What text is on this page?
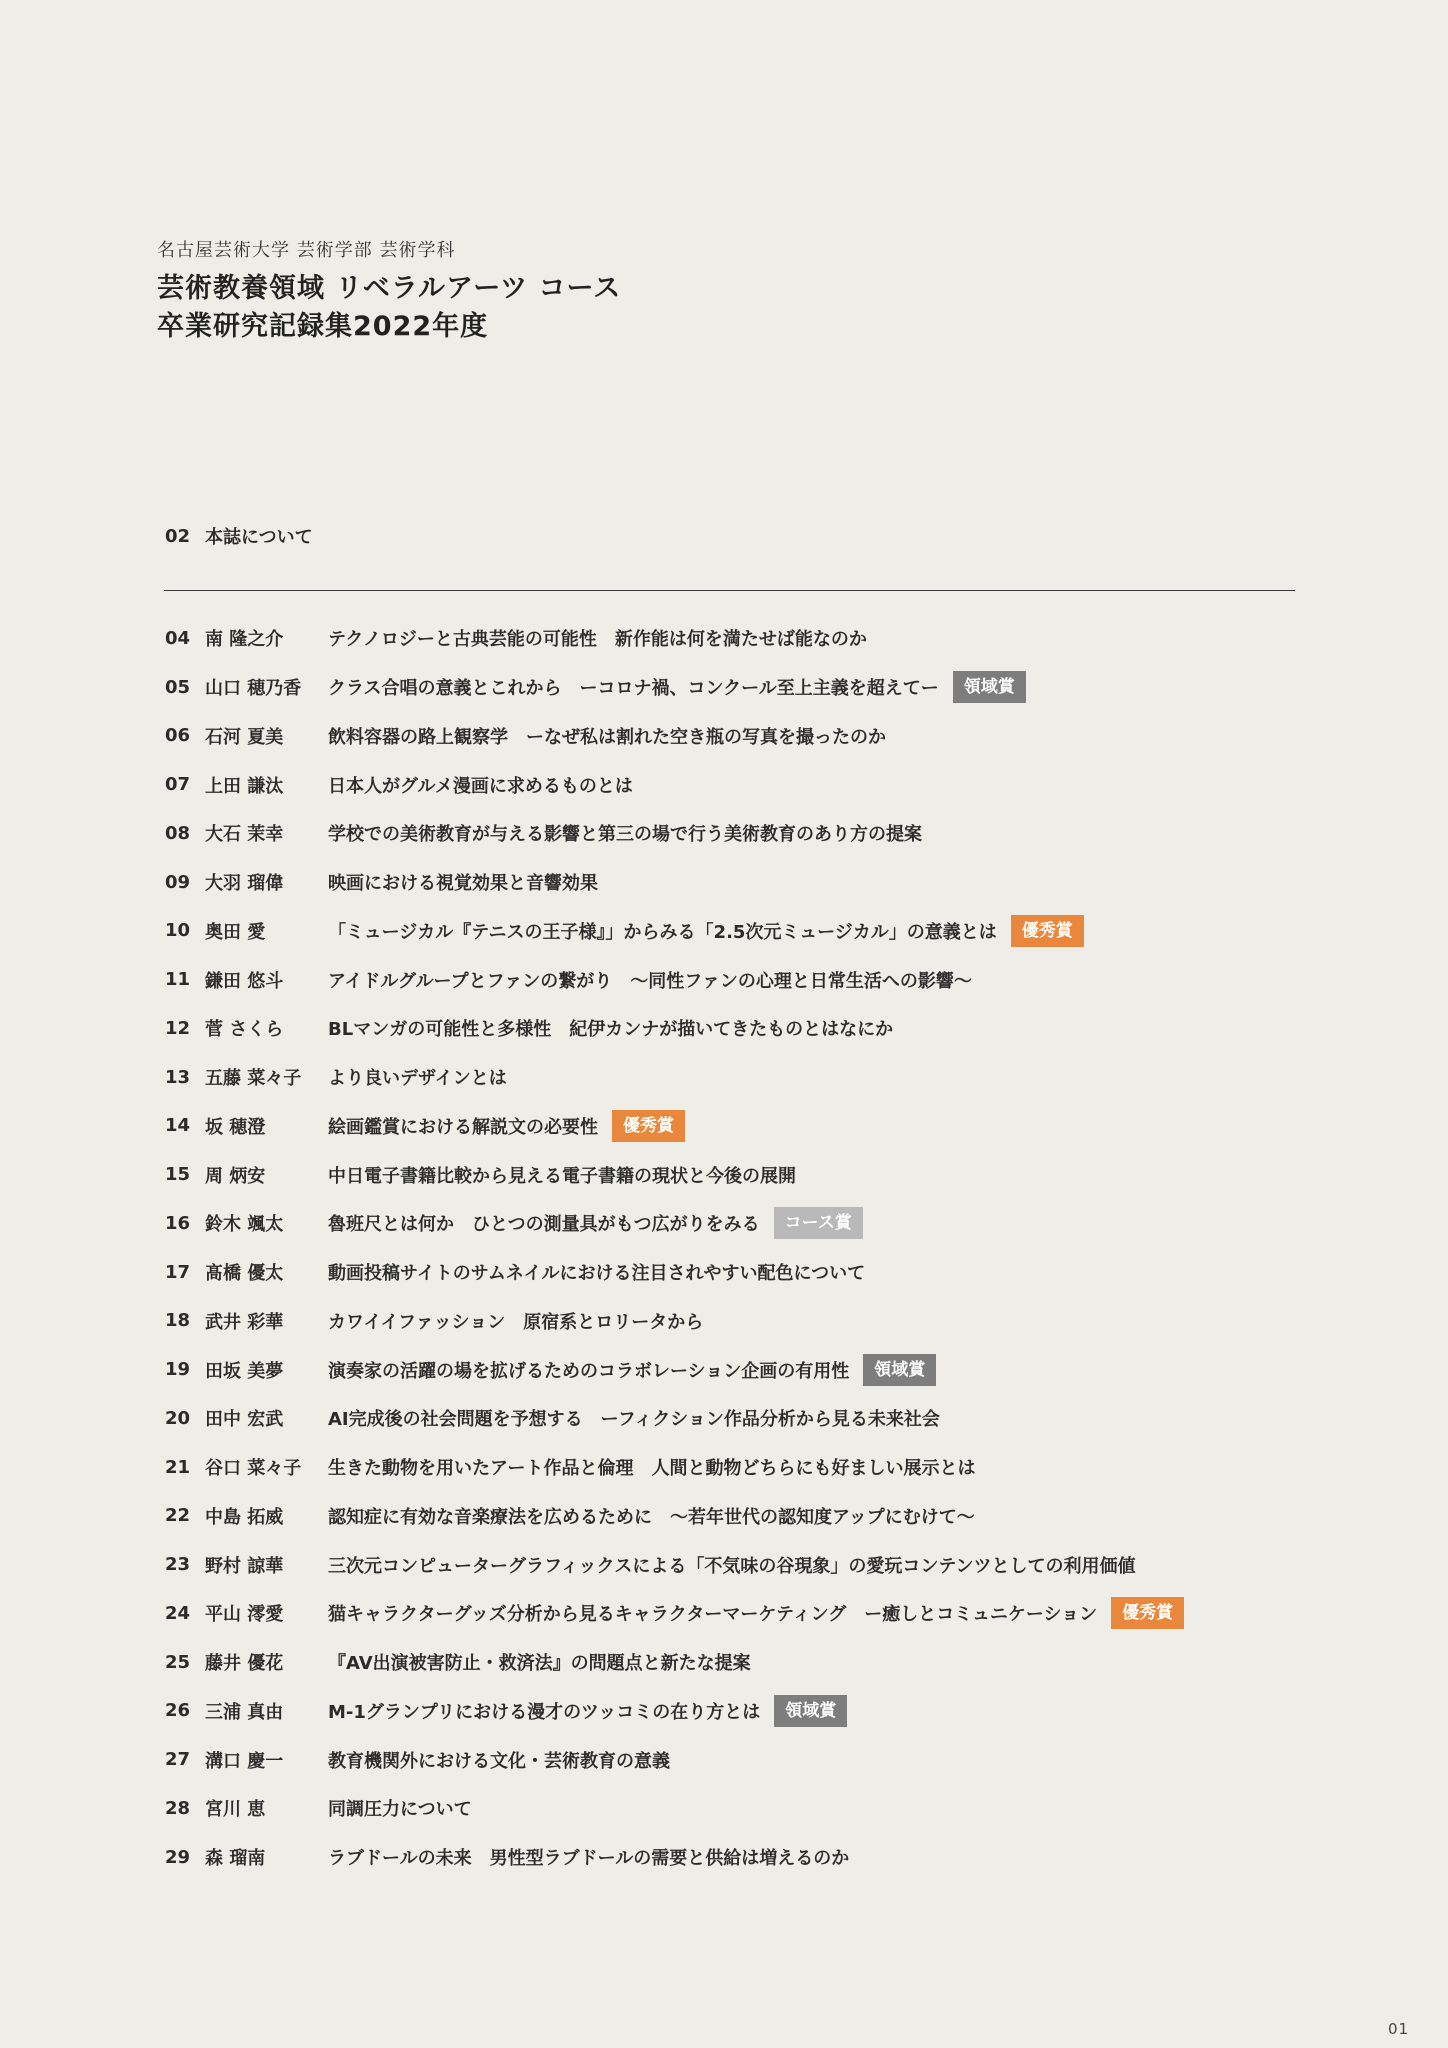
名古屋芸術大学 芸術学部 芸術学科
芸術教養領域 リベラルアーツ コース
卒業研究記録集2022年度
02 本誌について
04 南 隆之介	テクノロジーと古典芸能の可能性　新作能は何を満たせば能なのか
05 山口 穂乃香	クラス合唱の意義とこれから　ーコロナ禍、コンクール至上主義を超えてー	領域賞
06 石河 夏美	飲料容器の路上観察学　ーなぜ私は割れた空き瓶の写真を撮ったのか
07 上田 謙汰	日本人がグルメ漫画に求めるものとは
08 大石 茉幸	学校での美術教育が与える影響と第三の場で行う美術教育のあり方の提案
09 大羽 瑠偉	映画における視覚効果と音響効果
10 奥田 愛	「ミュージカル『テニスの王子様』」からみる「2.5次元ミュージカル」の意義とは	優秀賞
11 鎌田 悠斗	アイドルグループとファンの繋がり　〜同性ファンの心理と日常生活への影響〜
12 菅 さくら	BLマンガの可能性と多様性　紀伊カンナが描いてきたものとはなにか
13 五藤 菜々子	より良いデザインとは
14 坂 穂澄	絵画鑑賞における解説文の必要性	優秀賞
15 周 炳安	中日電子書籍比較から見える電子書籍の現状と今後の展開
16 鈴木 颯太	魯班尺とは何か　ひとつの測量具がもつ広がりをみる	コース賞
17 髙橋 優太	動画投稿サイトのサムネイルにおける注目されやすい配色について
18 武井 彩華	カワイイファッション　原宿系とロリータから
19 田坂 美夢	演奏家の活躍の場を拡げるためのコラボレーション企画の有用性	領域賞
20 田中 宏武	AI完成後の社会問題を予想する　ーフィクション作品分析から見る未来社会
21 谷口 菜々子	生きた動物を用いたアート作品と倫理　人間と動物どちらにも好ましい展示とは
22 中島 拓威	認知症に有効な音楽療法を広めるために　〜若年世代の認知度アップにむけて〜
23 野村 諒華	三次元コンピューターグラフィックスによる「不気味の谷現象」の愛玩コンテンツとしての利用価値
24 平山 澪愛	猫キャラクターグッズ分析から見るキャラクターマーケティング　ー癒しとコミュニケーション	優秀賞
25 藤井 優花	『AV出演被害防止・救済法』の問題点と新たな提案
26 三浦 真由	M-1グランプリにおける漫才のツッコミの在り方とは	領域賞
27 溝口 慶一	教育機関外における文化・芸術教育の意義
28 宮川 恵	同調圧力について
29 森 瑠南	ラブドールの未来　男性型ラブドールの需要と供給は増えるのか
01
